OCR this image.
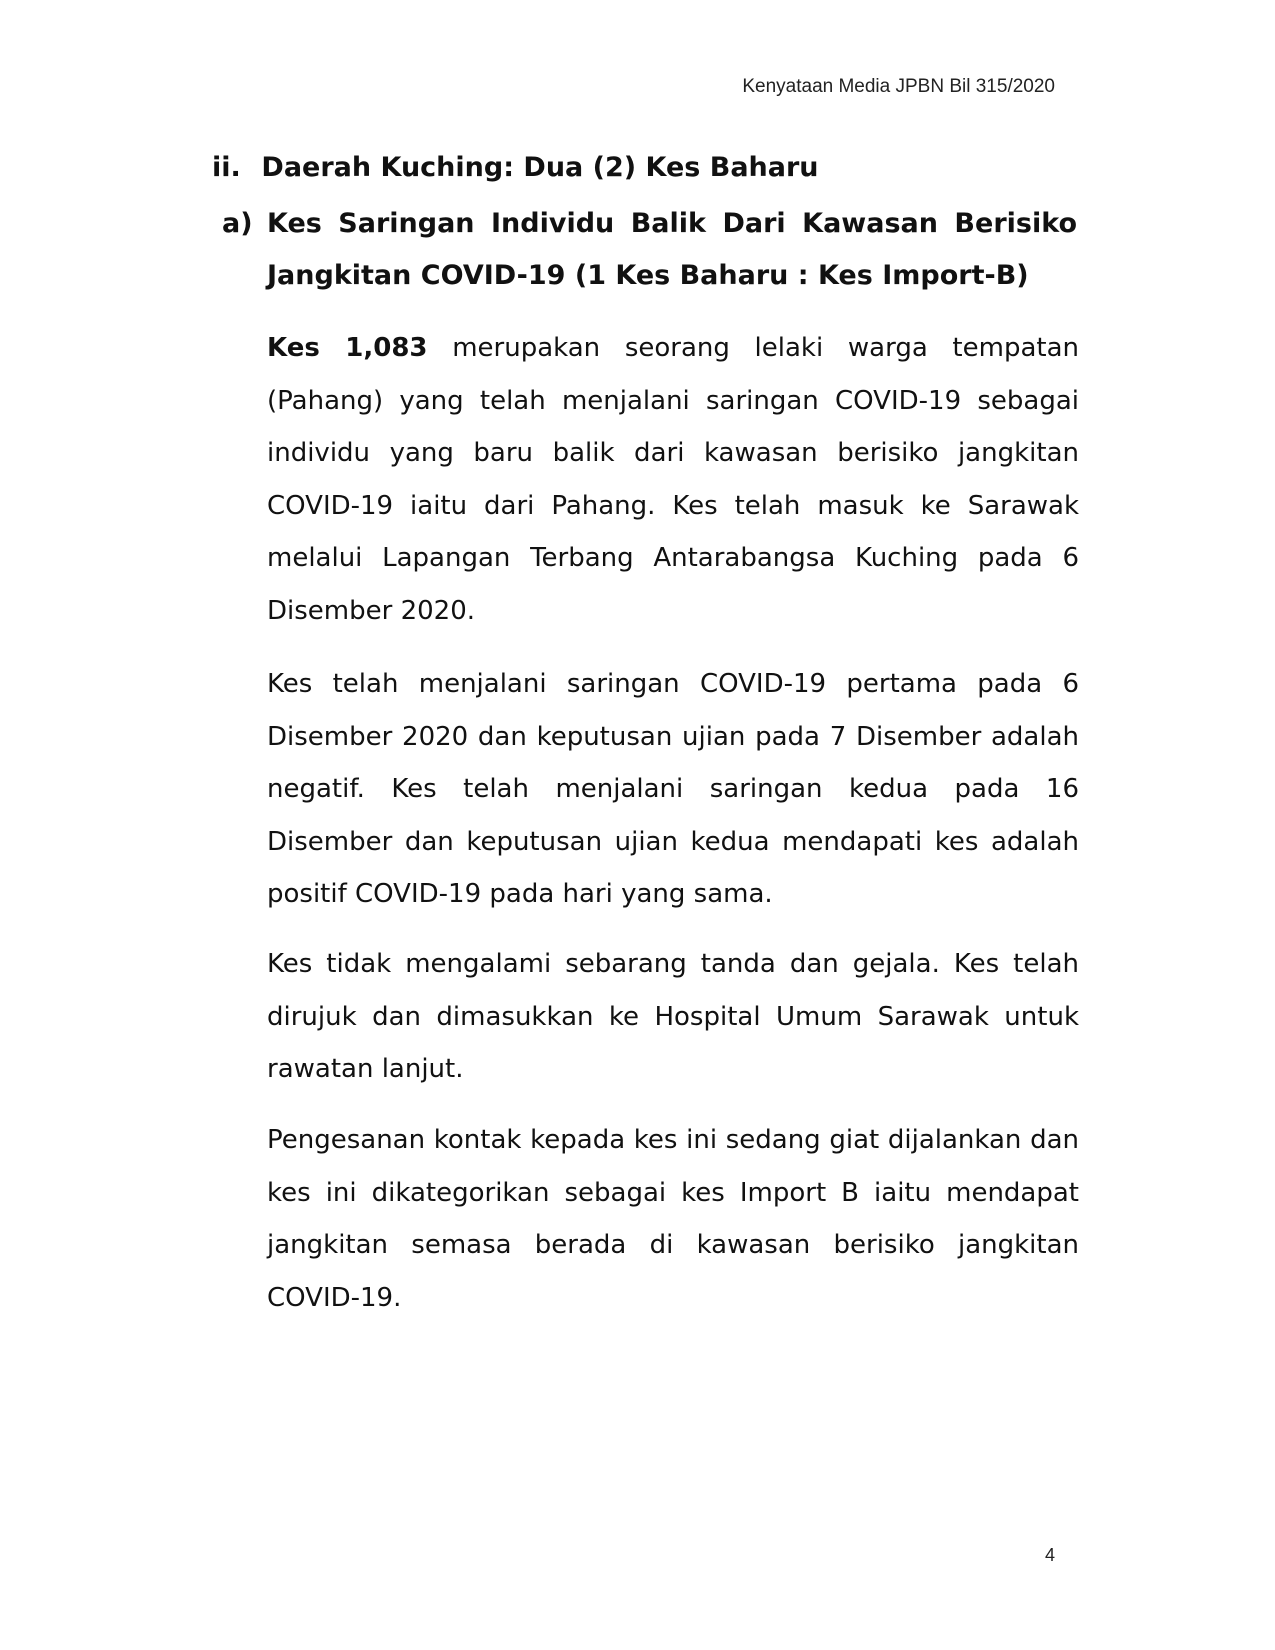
Kenyataan Media JPBN Bil 315/2020
ii. Daerah Kuching: Dua (2) Kes Baharu
a) Kes Saringan Individu Balik Dari Kawasan Berisiko Jangkitan COVID-19 (1 Kes Baharu : Kes Import-B)

Kes 1,083 merupakan seorang lelaki warga tempatan (Pahang) yang telah menjalani saringan COVID-19 sebagai individu yang baru balik dari kawasan berisiko jangkitan COVID-19 iaitu dari Pahang. Kes telah masuk ke Sarawak melalui Lapangan Terbang Antarabangsa Kuching pada 6 Disember 2020.

Kes telah menjalani saringan COVID-19 pertama pada 6 Disember 2020 dan keputusan ujian pada 7 Disember adalah negatif. Kes telah menjalani saringan kedua pada 16 Disember dan keputusan ujian kedua mendapati kes adalah positif COVID-19 pada hari yang sama.

Kes tidak mengalami sebarang tanda dan gejala. Kes telah dirujuk dan dimasukkan ke Hospital Umum Sarawak untuk rawatan lanjut.

Pengesanan kontak kepada kes ini sedang giat dijalankan dan kes ini dikategorikan sebagai kes Import B iaitu mendapat jangkitan semasa berada di kawasan berisiko jangkitan COVID-19.

4
